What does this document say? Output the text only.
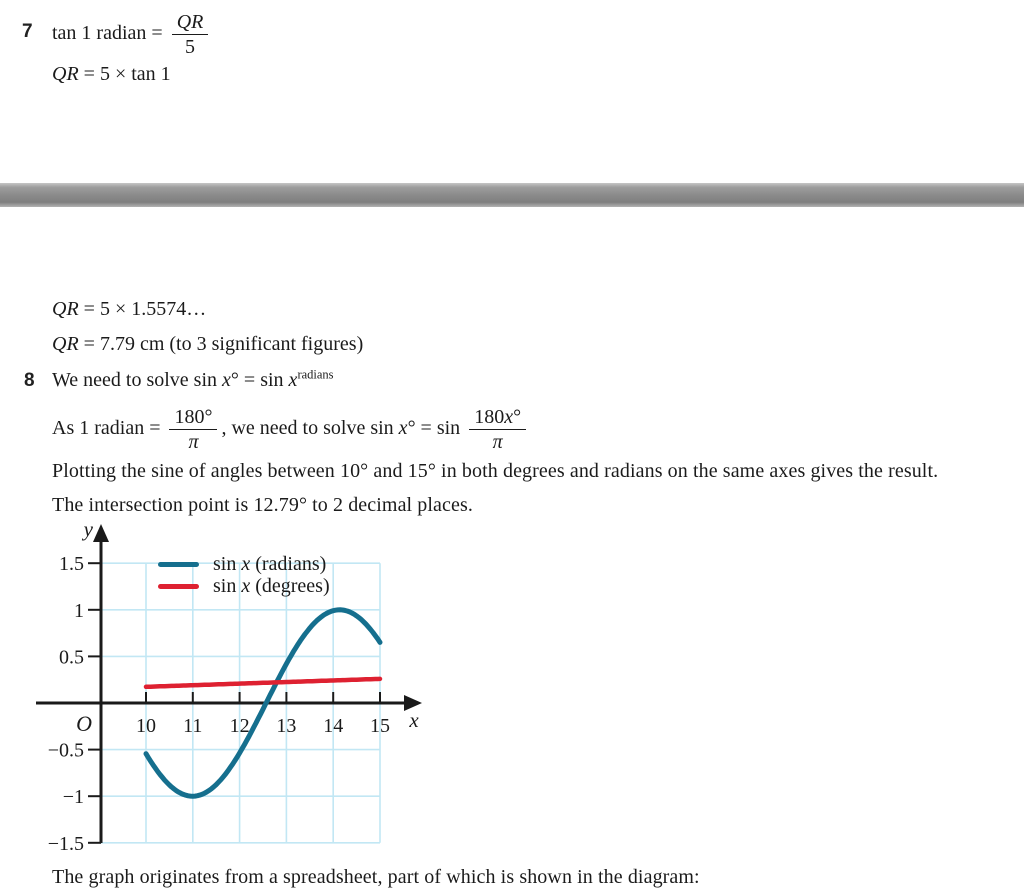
7 tan 1 radian = $\frac{QR}{5}$
QR = 5 × tan 1
QR = 5 × 1.5574…
QR = 7.79 cm (to 3 significant figures)
8 We need to solve $\sin x^\circ = \sin x^{radians}$
As 1 radian = $\frac{180^\circ}{\pi}$ , we need to solve $\sin x^\circ = \sin \frac{180x^\circ}{\pi}$
Plotting the sine of angles between 10° and 15° in both degrees and radians on the same axes gives the result.
The intersection point is 12.79° to 2 decimal places.
10 11 12 13 14 15
1.5
1
0.5
−0.5
−1
−1.5
y
x
O
sin x (radians)
sin x (degrees)
The graph originates from a spreadsheet, part of which is shown in the diagram:
